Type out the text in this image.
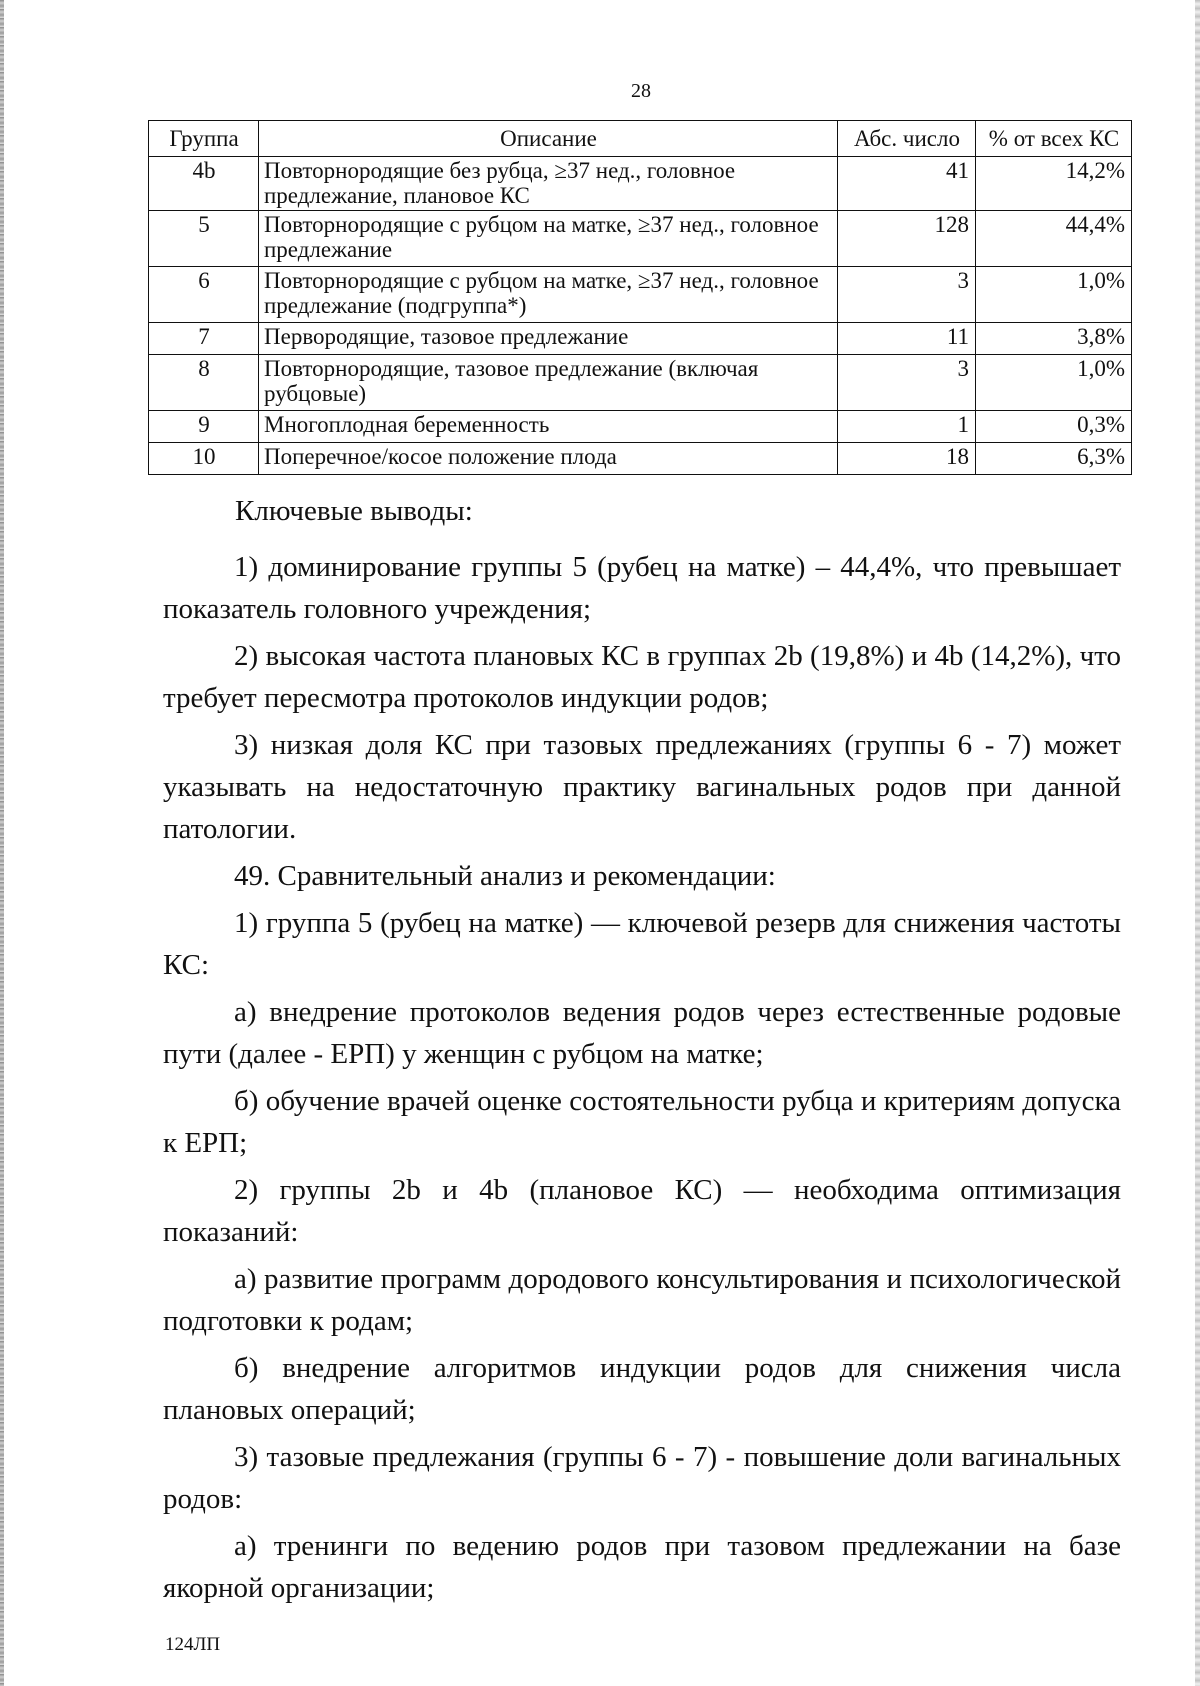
28
Группа	Описание	Абс. число	% от всех КС
4b	Повторнородящие без рубца, ≥37 нед., головное предлежание, плановое КС	41	14,2%
5	Повторнородящие с рубцом на матке, ≥37 нед., головное предлежание	128	44,4%
6	Повторнородящие с рубцом на матке, ≥37 нед., головное предлежание (подгруппа*)	3	1,0%
7	Первородящие, тазовое предлежание	11	3,8%
8	Повторнородящие, тазовое предлежание (включая рубцовые)	3	1,0%
9	Многоплодная беременность	1	0,3%
10	Поперечное/косое положение плода	18	6,3%

Ключевые выводы:

1) доминирование группы 5 (рубец на матке) – 44,4%, что превышает показатель головного учреждения;

2) высокая частота плановых КС в группах 2b (19,8%) и 4b (14,2%), что требует пересмотра протоколов индукции родов;

3) низкая доля КС при тазовых предлежаниях (группы 6 - 7) может указывать на недостаточную практику вагинальных родов при данной патологии.

49. Сравнительный анализ и рекомендации:

1) группа 5 (рубец на матке) — ключевой резерв для снижения частоты КС:

а) внедрение протоколов ведения родов через естественные родовые пути (далее - ЕРП) у женщин с рубцом на матке;

б) обучение врачей оценке состоятельности рубца и критериям допуска к ЕРП;

2) группы 2b и 4b (плановое КС) — необходима оптимизация показаний:

а) развитие программ дородового консультирования и психологической подготовки к родам;

б) внедрение алгоритмов индукции родов для снижения числа плановых операций;

3) тазовые предлежания (группы 6 - 7) - повышение доли вагинальных родов:

а) тренинги по ведению родов при тазовом предлежании на базе якорной организации;

124ЛП
